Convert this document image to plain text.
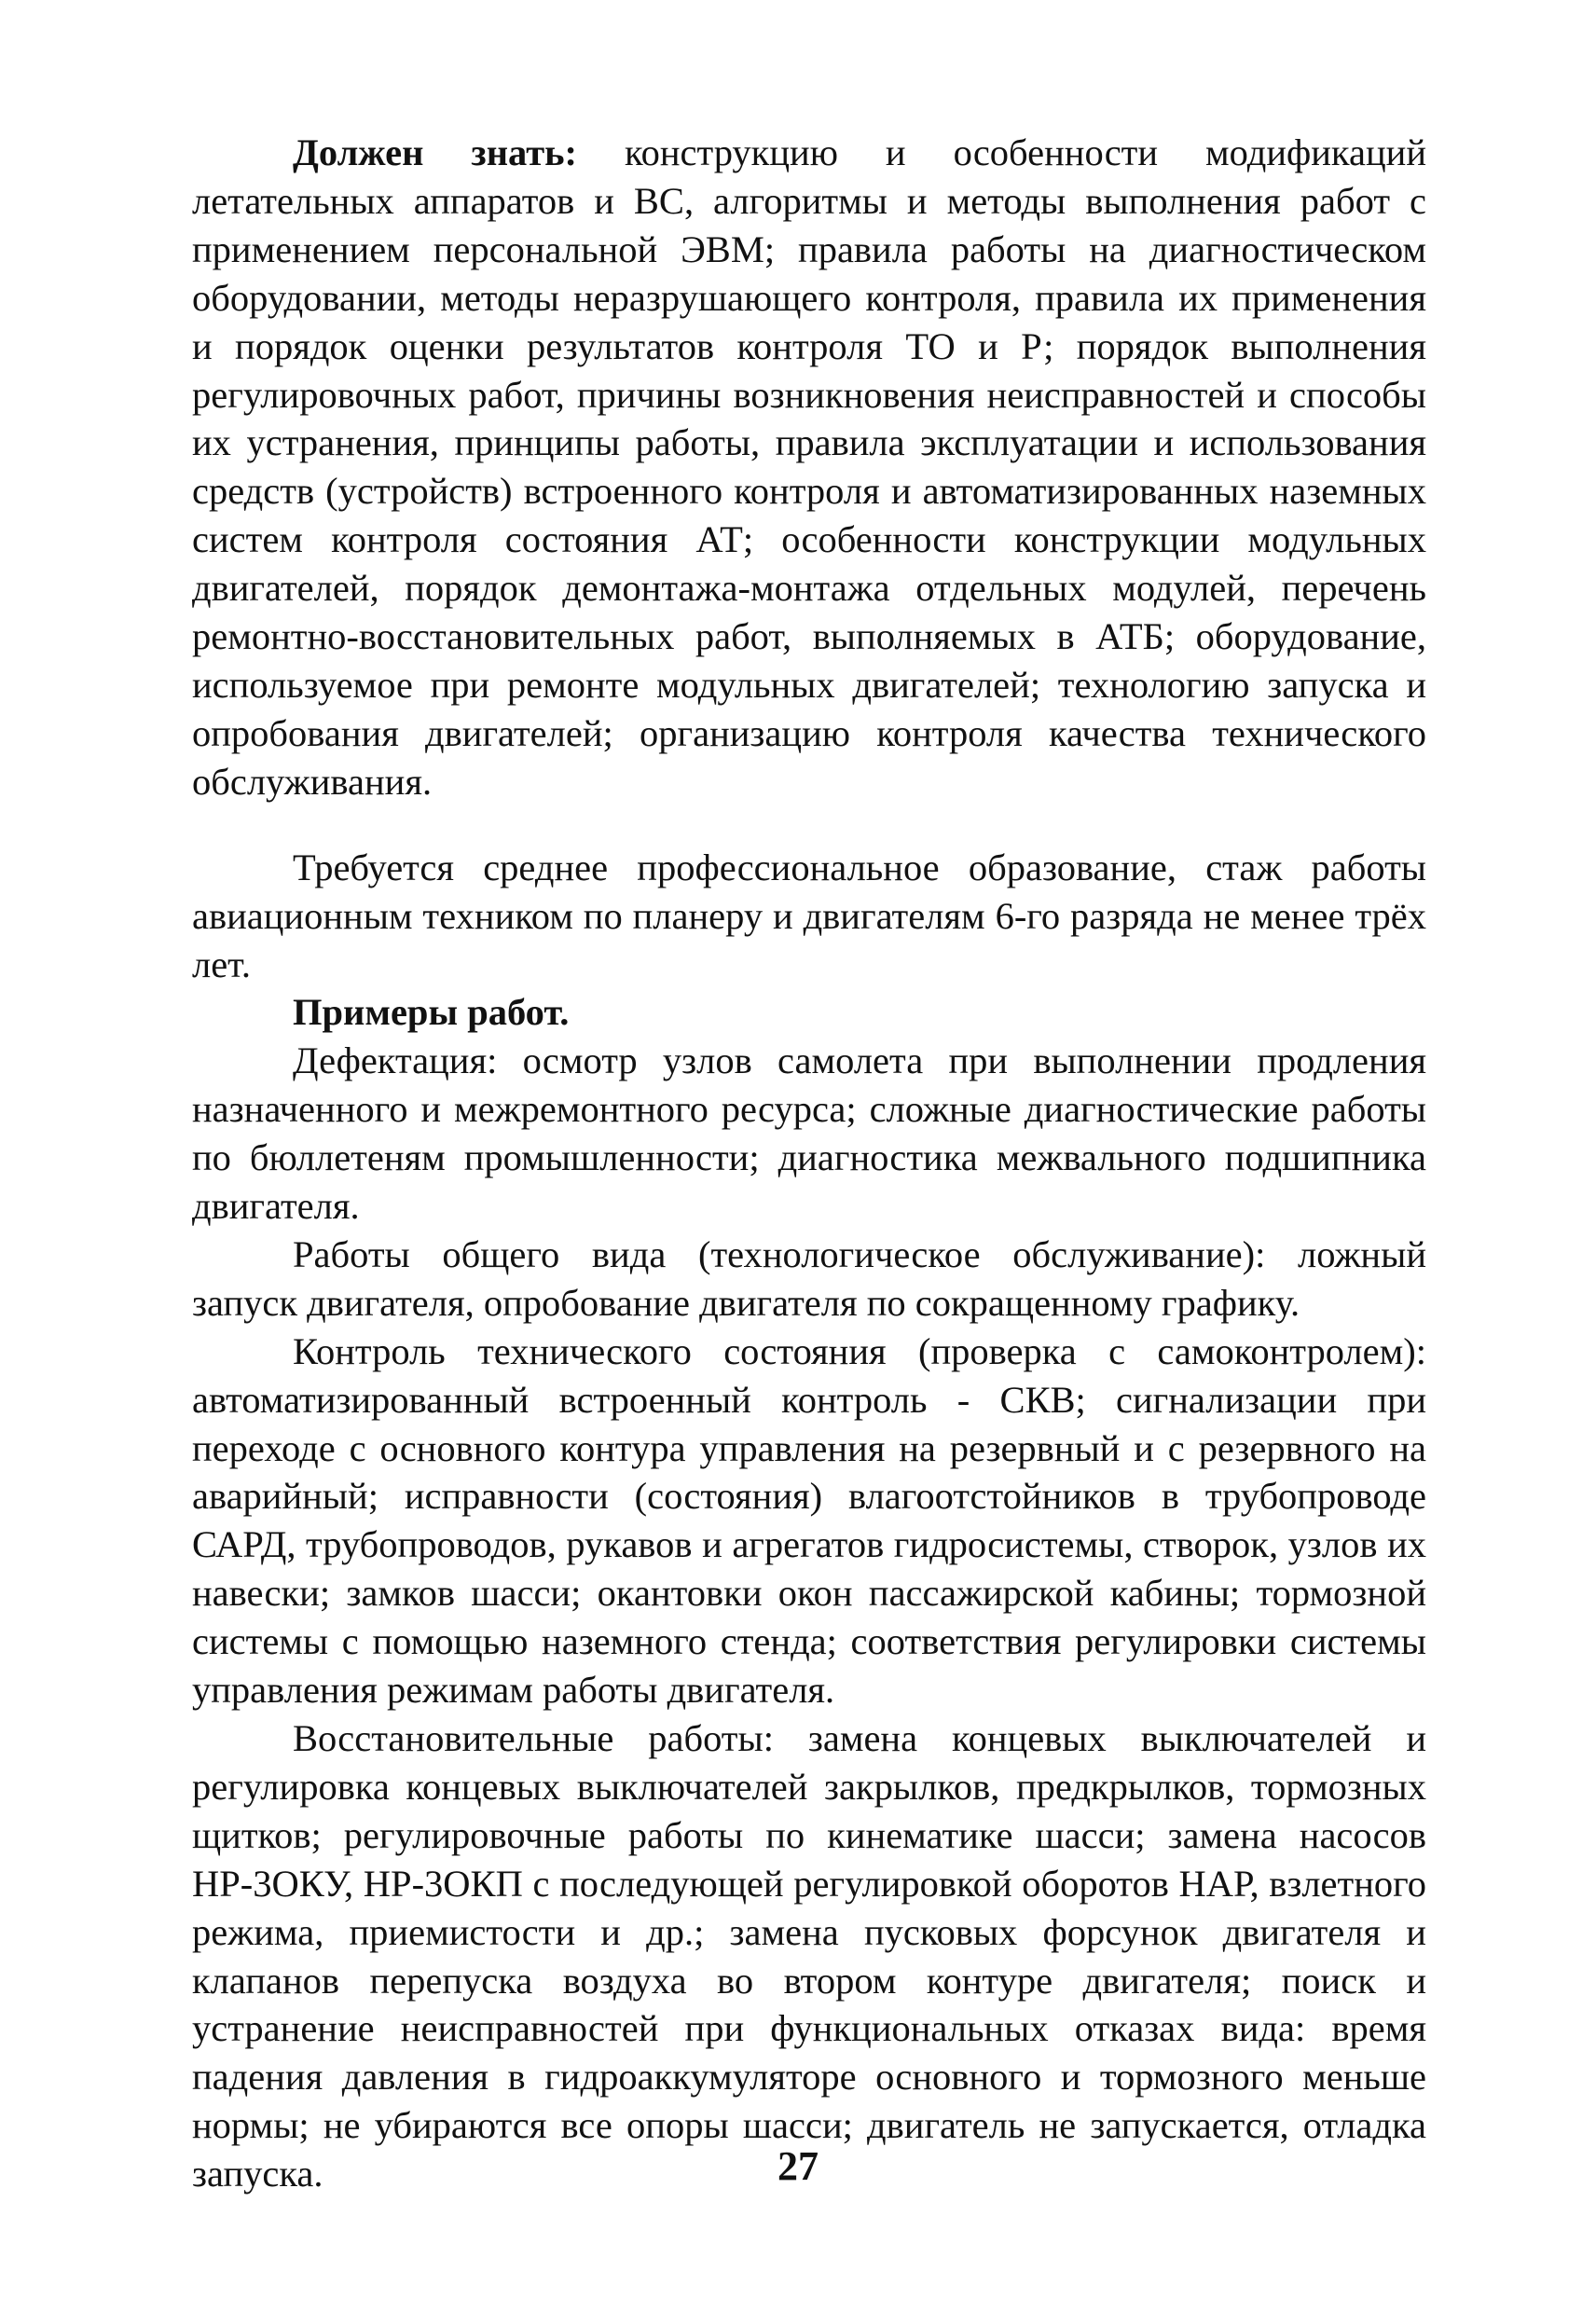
Должен знать: конструкцию и особенности модификаций летательных аппаратов и ВС, алгоритмы и методы выполнения работ с применением персональной ЭВМ; правила работы на диагностическом оборудовании, методы неразрушающего контроля, правила их применения и порядок оценки результатов контроля ТО и Р; порядок выполнения регулировочных работ, причины возникновения неисправностей и способы их устранения, принципы работы, правила эксплуатации и использования средств (устройств) встроенного контроля и автоматизированных наземных систем контроля состояния АТ; особенности конструкции модульных двигателей, порядок демонтажа-монтажа отдельных модулей, перечень ремонтно-восстановительных работ, выполняемых в АТБ; оборудование, используемое при ремонте модульных двигателей; технологию запуска и опробования двигателей; организацию контроля качества технического обслуживания.

Требуется среднее профессиональное образование, стаж работы авиационным техником по планеру и двигателям 6-го разряда не менее трёх лет.

Примеры работ.

Дефектация: осмотр узлов самолета при выполнении продления назначенного и межремонтного ресурса; сложные диагностические работы по бюллетеням промышленности; диагностика межвального подшипника двигателя.

Работы общего вида (технологическое обслуживание): ложный запуск двигателя, опробование двигателя по сокращенному графику.

Контроль технического состояния (проверка с самоконтролем): автоматизированный встроенный контроль - СКВ; сигнализации при переходе с основного контура управления на резервный и с резервного на аварийный; исправности (состояния) влагоотстойников в трубопроводе САРД, трубопроводов, рукавов и агрегатов гидросистемы, створок, узлов их навески; замков шасси; окантовки окон пассажирской кабины; тормозной системы с помощью наземного стенда; соответствия регулировки системы управления режимам работы двигателя.

Восстановительные работы: замена концевых выключателей и регулировка концевых выключателей закрылков, предкрылков, тормозных щитков; регулировочные работы по кинематике шасси; замена насосов НР-3ОКУ, НР-3ОКП с последующей регулировкой оборотов НАР, взлетного режима, приемистости и др.; замена пусковых форсунок двигателя и клапанов перепуска воздуха во втором контуре двигателя; поиск и устранение неисправностей при функциональных отказах вида: время падения давления в гидроаккумуляторе основного и тормозного меньше нормы; не убираются все опоры шасси; двигатель не запускается, отладка запуска.	27
